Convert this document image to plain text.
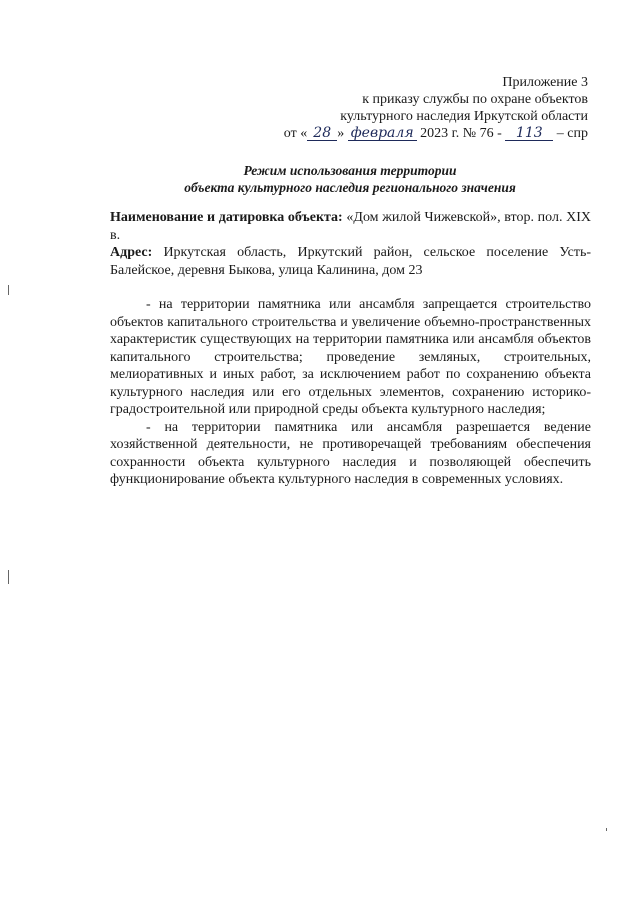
Приложение 3
к приказу службы по охране объектов
культурного наследия Иркутской области
от « 28 » февраля 2023 г. № 76 - 113 – спр
Режим использования территории
объекта культурного наследия регионального значения

Наименование и датировка объекта: «Дом жилой Чижевской», втор. пол. XIX в.

Адрес: Иркутская область, Иркутский район, сельское поселение Усть-Балейское, деревня Быкова, улица Калинина, дом 23

- на территории памятника или ансамбля запрещается строительство объектов капитального строительства и увеличение объемно-пространственных характеристик существующих на территории памятника или ансамбля объектов капитального строительства; проведение земляных, строительных, мелиоративных и иных работ, за исключением работ по сохранению объекта культурного наследия или его отдельных элементов, сохранению историко-градостроительной или природной среды объекта культурного наследия;

- на территории памятника или ансамбля разрешается ведение хозяйственной деятельности, не противоречащей требованиям обеспечения сохранности объекта культурного наследия и позволяющей обеспечить функционирование объекта культурного наследия в современных условиях.
